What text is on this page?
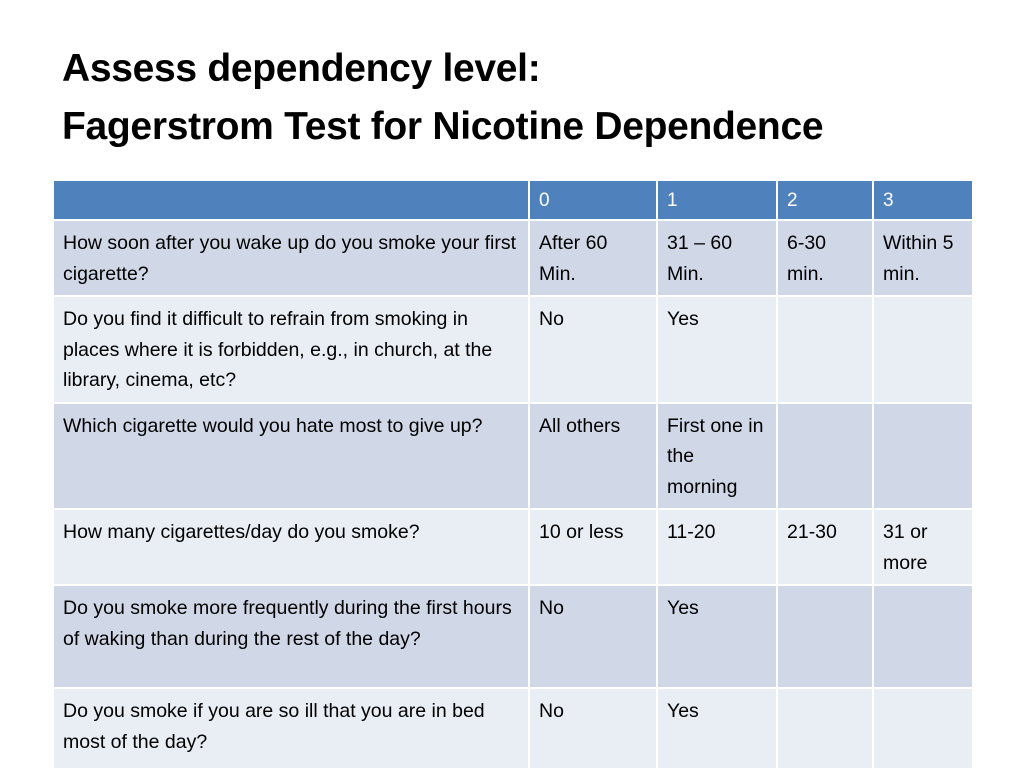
Assess dependency level:
Fagerstrom Test for Nicotine Dependence
	0	1	2	3
How soon after you wake up do you smoke your first cigarette?	After 60 Min.	31 – 60 Min.	6-30 min.	Within 5 min.
Do you find it difficult to refrain from smoking in places where it is forbidden, e.g., in church, at the library, cinema, etc?	No	Yes		
Which cigarette would you hate most to give up?	All others	First one in the morning		
How many cigarettes/day do you smoke?	10 or less	11-20	21-30	31 or more
Do you smoke more frequently during the first hours of waking than during the rest of the day?	No	Yes		
Do you smoke if you are so ill that you are in bed most of the day?	No	Yes		
